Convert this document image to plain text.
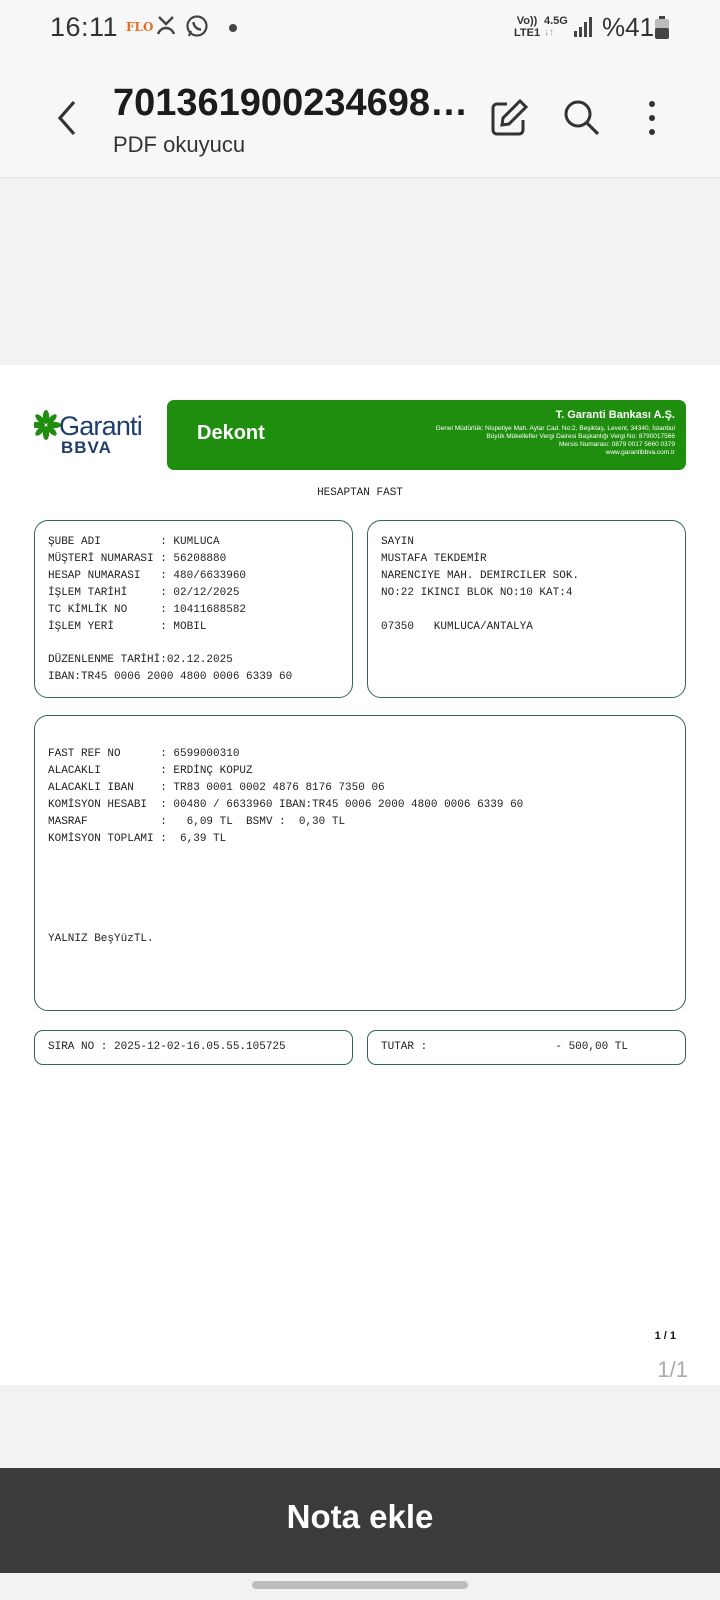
16:11 FLO	Vo))
LTE1
4.5G
↓↑	%41
701361900234698…
PDF okuyucu
Garanti
BBVA
Dekont
T. Garanti Bankası A.Ş.
Genel Müdürlük: Nispetiye Mah. Aytar Cad. No:2, Beşiktaş, Levent, 34340, İstanbul
Büyük Mükellefler Vergi Dairesi Başkanlığı Vergi No: 8790017566
Mersis Numarası: 0879 0017 5660 0379
www.garantibbva.com.tr
HESAPTAN FAST
ŞUBE ADI         : KUMLUCA
MÜŞTERİ NUMARASI : 56208880
HESAP NUMARASI   : 480/6633960
İŞLEM TARİHİ     : 02/12/2025
TC KİMLİK NO     : 10411688582
İŞLEM YERİ       : MOBIL
DÜZENLENME TARİHİ:02.12.2025
IBAN:TR45 0006 2000 4800 0006 6339 60
SAYIN
MUSTAFA TEKDEMİR
NARENCIYE MAH. DEMIRCILER SOK.
NO:22 IKINCI BLOK NO:10 KAT:4
07350   KUMLUCA/ANTALYA
FAST REF NO      : 6599000310
ALACAKLI         : ERDİNÇ KOPUZ
ALACAKLI IBAN    : TR83 0001 0002 4876 8176 7350 06
KOMİSYON HESABI  : 00480 / 6633960 IBAN:TR45 0006 2000 4800 0006 6339 60
MASRAF           :   6,09 TL  BSMV :  0,30 TL
KOMİSYON TOPLAMI :  6,39 TL
YALNIZ BeşYüzTL.
SIRA NO : 2025-12-02-16.05.55.105725	TUTAR :	- 500,00 TL
1 / 1
1/1
Nota ekle
